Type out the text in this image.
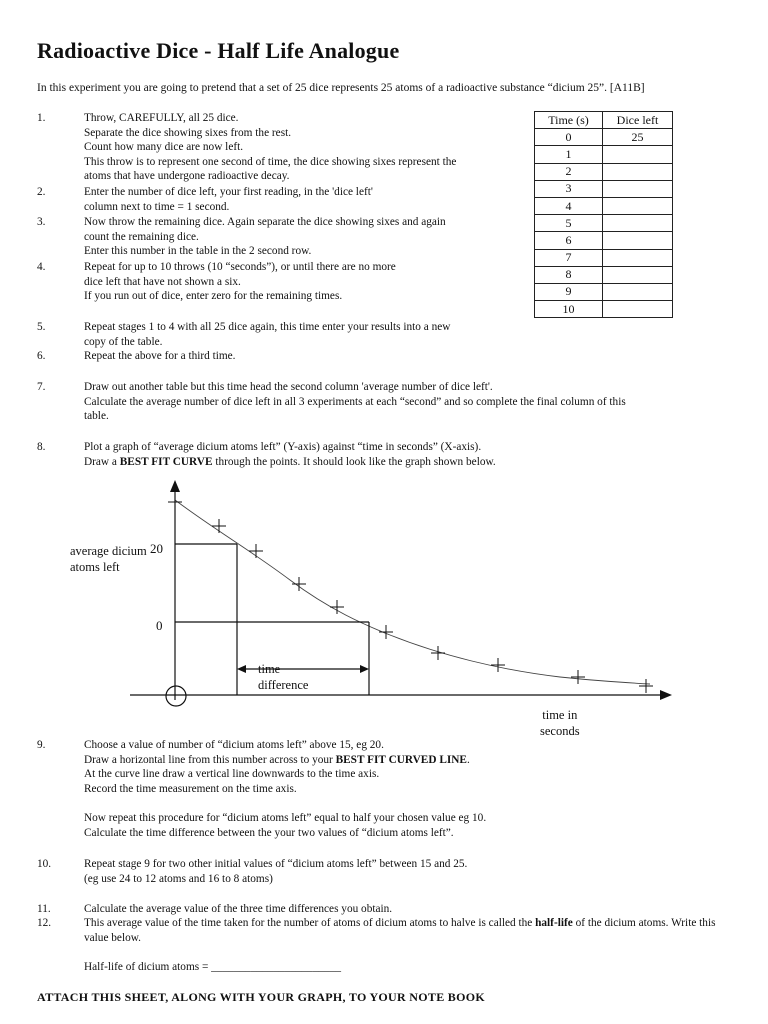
Radioactive Dice - Half Life Analogue
In this experiment you are going to pretend that a set of 25 dice represents 25 atoms of a radioactive substance “dicium 25”. [A11B]
1.	Throw, CAREFULLY, all 25 dice.
Separate the dice showing sixes from the rest.
Count how many dice are now left.
This throw is to represent one second of time, the dice showing sixes represent the
atoms that have undergone radioactive decay.
2.	Enter the number of dice left, your first reading, in the 'dice left'
column next to time = 1 second.
3.	Now throw the remaining dice. Again separate the dice showing sixes and again
count the remaining dice.
Enter this number in the table in the 2 second row.
4.	Repeat for up to 10 throws (10 “seconds”), or until there are no more
dice left that have not shown a six.
If you run out of dice, enter zero for the remaining times.
5.	Repeat stages 1 to 4 with all 25 dice again, this time enter your results into a new
copy of the table.
6.	Repeat the above for a third time.
7.	Draw out another table but this time head the second column 'average number of dice left'.
Calculate the average number of dice left in all 3 experiments at each “second” and so complete the final column of this
table.
8.	Plot a graph of “average dicium atoms left” (Y-axis) against “time in seconds” (X-axis).
Draw a BEST FIT CURVE through the points. It should look like the graph shown below.
Time (s)	Dice left
0	25
1	
2	
3	
4	
5	
6	
7	
8	
9	
10	
average dicium
atoms left
20
0
time
difference
time in
seconds
9.	Choose a value of number of “dicium atoms left” above 15, eg 20.
Draw a horizontal line from this number across to your BEST FIT CURVED LINE.
At the curve line draw a vertical line downwards to the time axis.
Record the time measurement on the time axis.
Now repeat this procedure for “dicium atoms left” equal to half your chosen value eg 10.
Calculate the time difference between the your two values of “dicium atoms left”.
10.	Repeat stage 9 for two other initial values of “dicium atoms left” between 15 and 25.
(eg use 24 to 12 atoms and 16 to 8 atoms)
11.	Calculate the average value of the three time differences you obtain.
12.	This average value of the time taken for the number of atoms of dicium atoms to halve is called the half-life of the dicium atoms. Write this value below.
Half-life of dicium atoms = _______________________
ATTACH THIS SHEET, ALONG WITH YOUR GRAPH, TO YOUR NOTE BOOK
